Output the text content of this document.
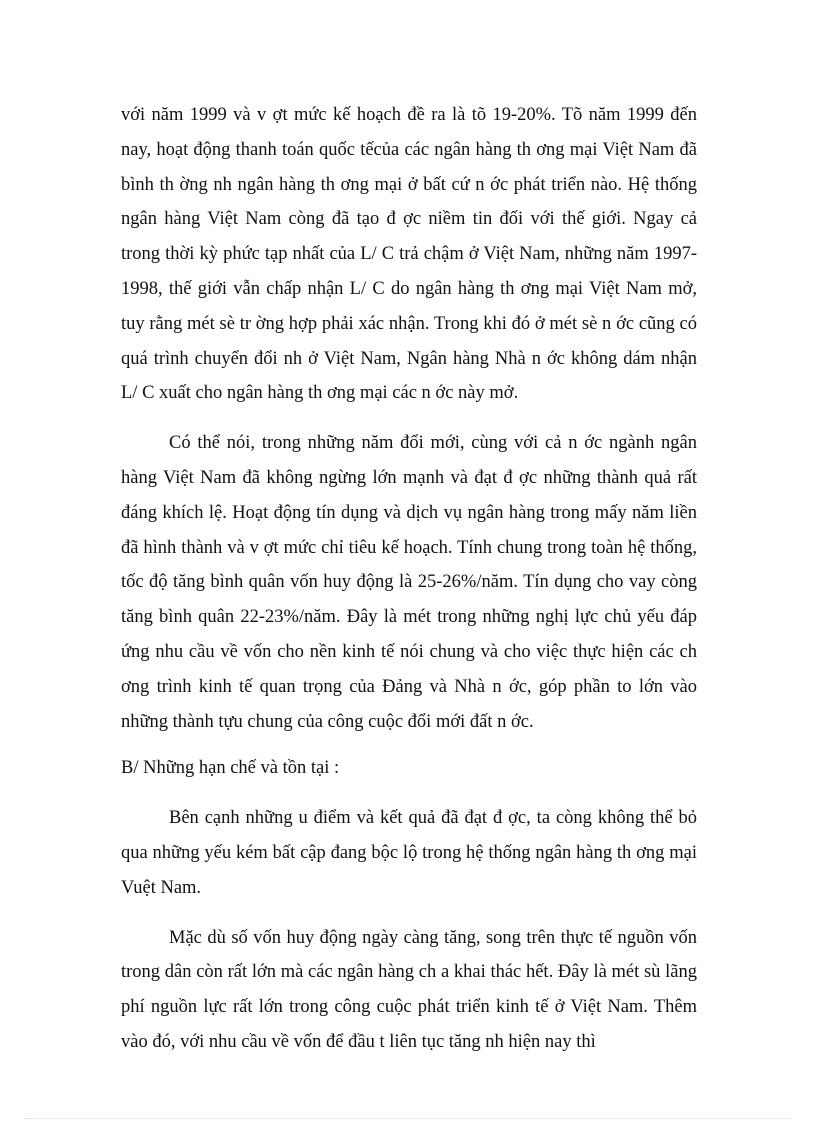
với năm 1999 và v ợt mức kế hoạch đề ra là tõ 19-20%. Tõ năm 1999 đến nay, hoạt động thanh toán quốc tếcủa các ngân hàng th ơng mại Việt Nam đã bình th ờng nh ngân hàng th ơng mại ở bất cứ n ớc phát triển nào. Hệ thống ngân hàng Việt Nam còng đã tạo đ ợc niềm tin đối với thế giới. Ngay cả trong thời kỳ phức tạp nhất của L/ C trả chậm ở Việt Nam, những năm 1997-1998, thế giới vẫn chấp nhận L/ C do ngân hàng th ơng mại Việt Nam mở, tuy rằng mét sè tr ờng hợp phải xác nhận. Trong khi đó ở mét sè n ớc cũng có quá trình chuyển đổi nh ở Việt Nam, Ngân hàng Nhà n ớc không dám nhận L/ C xuất cho ngân hàng th ơng mại các n ớc này mở.

Có thể nói, trong những năm đổi mới, cùng với cả n ớc ngành ngân hàng Việt Nam đã không ngừng lớn mạnh và đạt đ ợc những thành quả rất đáng khích lệ. Hoạt động tín dụng và dịch vụ ngân hàng trong mấy năm liền đã hình thành và v ợt mức chỉ tiêu kế hoạch. Tính chung trong toàn hệ thống, tốc độ tăng bình quân vốn huy động là 25-26%/năm. Tín dụng cho vay còng tăng bình quân 22-23%/năm. Đây là mét trong những nghị lực chủ yếu đáp ứng nhu cầu về vốn cho nền kinh tế nói chung và cho việc thực hiện các ch ơng trình kinh tế quan trọng của Đảng và Nhà n ớc, góp phần to lớn vào những thành tựu chung của công cuộc đổi mới đất n ớc.

B/ Những hạn chế và tồn tại :

Bên cạnh những u điểm và kết quả đã đạt đ ợc, ta còng không thể bỏ qua những yếu kém bất cập đang bộc lộ trong hệ thống ngân hàng th ơng mại Vuệt Nam.

Mặc dù số vốn huy động ngày càng tăng, song trên thực tế nguồn vốn trong dân còn rất lớn mà các ngân hàng ch a khai thác hết. Đây là mét sù lãng phí nguồn lực rất lớn trong công cuộc phát triển kinh tế ở Việt Nam. Thêm vào đó, với nhu cầu về vốn để đầu t liên tục tăng nh hiện nay thì
